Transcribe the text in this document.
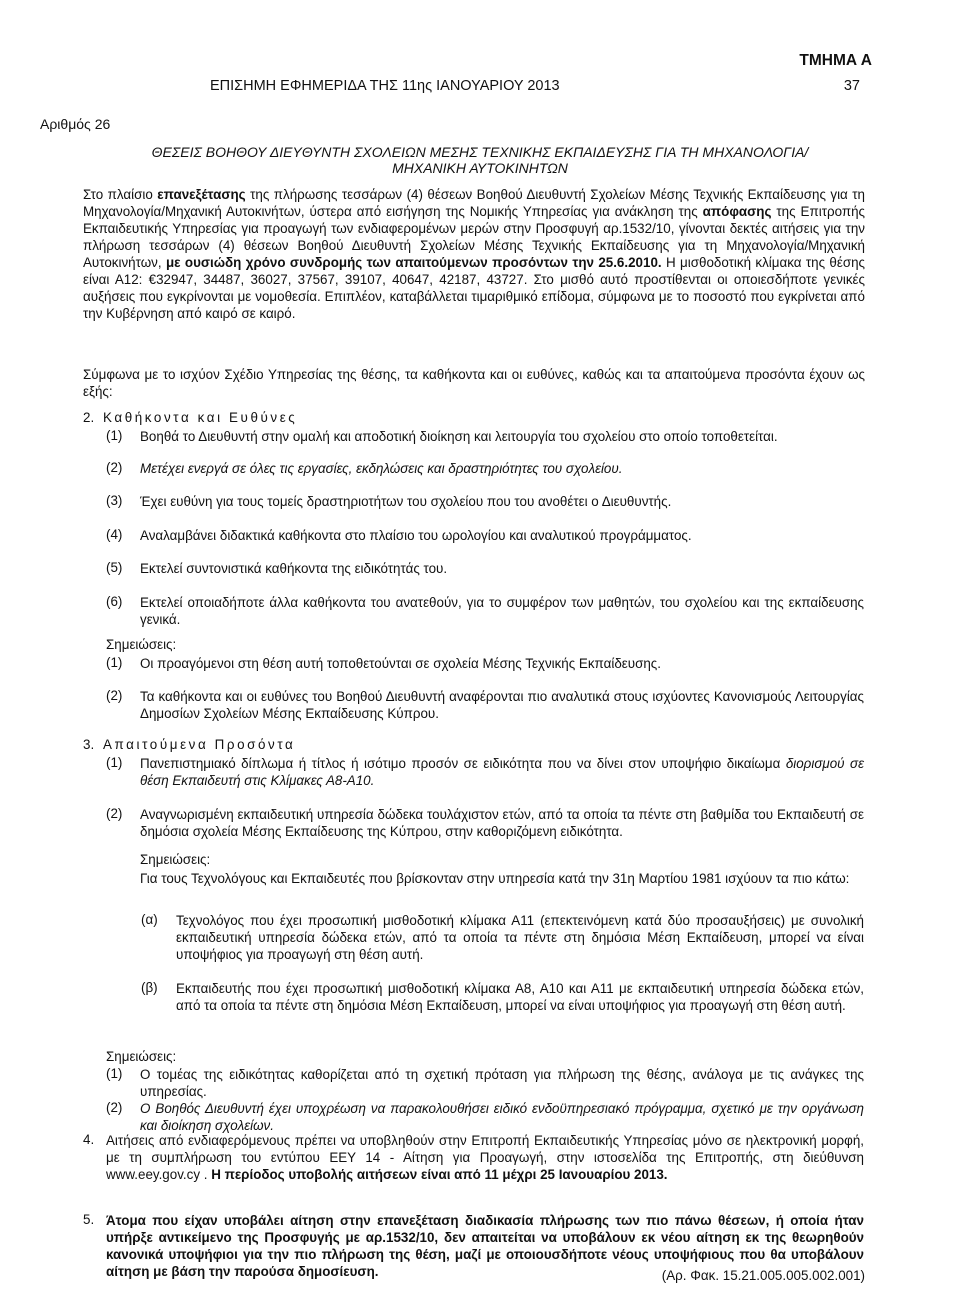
ΤΜΗΜΑ Α
ΕΠΙΣΗΜΗ ΕΦΗΜΕΡΙΔΑ ΤΗΣ 11ης ΙΑΝΟΥΑΡΙΟΥ 2013	37
Αριθμός 26
ΘΕΣΕΙΣ ΒΟΗΘΟΥ ΔΙΕΥΘΥΝΤΗ ΣΧΟΛΕΙΩΝ ΜΕΣΗΣ ΤΕΧΝΙΚΗΣ ΕΚΠΑΙΔΕΥΣΗΣ ΓΙΑ ΤΗ ΜΗΧΑΝΟΛΟΓΙΑ/
ΜΗΧΑΝΙΚΗ ΑΥΤΟΚΙΝΗΤΩΝ
Στο πλαίσιο επανεξέτασης της πλήρωσης τεσσάρων (4) θέσεων Βοηθού Διευθυντή Σχολείων Μέσης Τεχνικής Εκπαίδευσης για τη Μηχανολογία/Μηχανική Αυτοκινήτων, ύστερα από εισήγηση της Νομικής Υπηρεσίας για ανάκληση της απόφασης της Επιτροπής Εκπαιδευτικής Υπηρεσίας για προαγωγή των ενδιαφερομένων μερών στην Προσφυγή αρ.1532/10, γίνονται δεκτές αιτήσεις για την πλήρωση τεσσάρων (4) θέσεων Βοηθού Διευθυντή Σχολείων Μέσης Τεχνικής Εκπαίδευσης για τη Μηχανολογία/Μηχανική Αυτοκινήτων, με ουσιώδη χρόνο συνδρομής των απαιτούμενων προσόντων την 25.6.2010. Η μισθοδοτική κλίμακα της θέσης είναι Α12: €32947, 34487, 36027, 37567, 39107, 40647, 42187, 43727. Στο μισθό αυτό προστίθενται οι οποιεσδήποτε γενικές αυξήσεις που εγκρίνονται με νομοθεσία. Επιπλέον, καταβάλλεται τιμαριθμικό επίδομα, σύμφωνα με το ποσοστό που εγκρίνεται από την Κυβέρνηση από καιρό σε καιρό.
Σύμφωνα με το ισχύον Σχέδιο Υπηρεσίας της θέσης, τα καθήκοντα και οι ευθύνες, καθώς και τα απαιτούμενα προσόντα έχουν ως εξής:
2. Καθήκοντα και Ευθύνες
(1) Βοηθά το Διευθυντή στην ομαλή και αποδοτική διοίκηση και λειτουργία του σχολείου στο οποίο τοποθετείται.
(2) Μετέχει ενεργά σε όλες τις εργασίες, εκδηλώσεις και δραστηριότητες του σχολείου.
(3) Έχει ευθύνη για τους τομείς δραστηριοτήτων του σχολείου που του ανοθέτει ο Διευθυντής.
(4) Αναλαμβάνει διδακτικά καθήκοντα στο πλαίσιο του ωρολογίου και αναλυτικού προγράμματος.
(5) Εκτελεί συντονιστικά καθήκοντα της ειδικότητάς του.
(6) Εκτελεί οποιαδήποτε άλλα καθήκοντα του ανατεθούν, για το συμφέρον των μαθητών, του σχολείου και της εκπαίδευσης γενικά.
Σημειώσεις:
(1) Οι προαγόμενοι στη θέση αυτή τοποθετούνται σε σχολεία Μέσης Τεχνικής Εκπαίδευσης.
(2) Τα καθήκοντα και οι ευθύνες του Βοηθού Διευθυντή αναφέρονται πιο αναλυτικά στους ισχύοντες Κανονισμούς Λειτουργίας Δημοσίων Σχολείων Μέσης Εκπαίδευσης Κύπρου.
3. Απαιτούμενα Προσόντα
(1) Πανεπιστημιακό δίπλωμα ή τίτλος ή ισότιμο προσόν σε ειδικότητα που να δίνει στον υποψήφιο δικαίωμα διορισμού σε θέση Εκπαιδευτή στις Κλίμακες Α8-Α10.
(2) Αναγνωρισμένη εκπαιδευτική υπηρεσία δώδεκα τουλάχιστον ετών, από τα οποία τα πέντε στη βαθμίδα του Εκπαιδευτή σε δημόσια σχολεία Μέσης Εκπαίδευσης της Κύπρου, στην καθοριζόμενη ειδικότητα.
Σημειώσεις:
Για τους Τεχνολόγους και Εκπαιδευτές που βρίσκονταν στην υπηρεσία κατά την 31η Μαρτίου 1981 ισχύουν τα πιο κάτω:
(α) Τεχνολόγος που έχει προσωπική μισθοδοτική κλίμακα Α11 (επεκτεινόμενη κατά δύο προσαυξήσεις) με συνολική εκπαιδευτική υπηρεσία δώδεκα ετών, από τα οποία τα πέντε στη δημόσια Μέση Εκπαίδευση, μπορεί να είναι υποψήφιος για προαγωγή στη θέση αυτή.
(β) Εκπαιδευτής που έχει προσωπική μισθοδοτική κλίμακα Α8, Α10 και Α11 με εκπαιδευτική υπηρεσία δώδεκα ετών, από τα οποία τα πέντε στη δημόσια Μέση Εκπαίδευση, μπορεί να είναι υποψήφιος για προαγωγή στη θέση αυτή.
Σημειώσεις:
(1) Ο τομέας της ειδικότητας καθορίζεται από τη σχετική πρόταση για πλήρωση της θέσης, ανάλογα με τις ανάγκες της υπηρεσίας.
(2) Ο Βοηθός Διευθυντή έχει υποχρέωση να παρακολουθήσει ειδικό ενδοϋπηρεσιακό πρόγραμμα, σχετικό με την οργάνωση και διοίκηση σχολείων.
4. Αιτήσεις από ενδιαφερόμενους πρέπει να υποβληθούν στην Επιτροπή Εκπαιδευτικής Υπηρεσίας μόνο σε ηλεκτρονική μορφή, με τη συμπλήρωση του εντύπου ΕΕΥ 14 - Αίτηση για Προαγωγή, στην ιστοσελίδα της Επιτροπής, στη διεύθυνση www.eey.gov.cy . Η περίοδος υποβολής αιτήσεων είναι από 11 μέχρι 25 Ιανουαρίου 2013.
5. Άτομα που είχαν υποβάλει αίτηση στην επανεξέταση διαδικασία πλήρωσης των πιο πάνω θέσεων, ή οποία ήταν υπήρξε αντικείμενο της Προσφυγής με αρ.1532/10, δεν απαιτείται να υποβάλουν εκ νέου αίτηση εκ της θεωρηθούν κανονικά υποψήφιοι για την πιο πλήρωση της θέση, μαζί με οποιουσδήποτε νέους υποψήφιους που θα υποβάλουν αίτηση με βάση την παρούσα δημοσίευση.	(Αρ. Φακ. 15.21.005.005.002.001)
